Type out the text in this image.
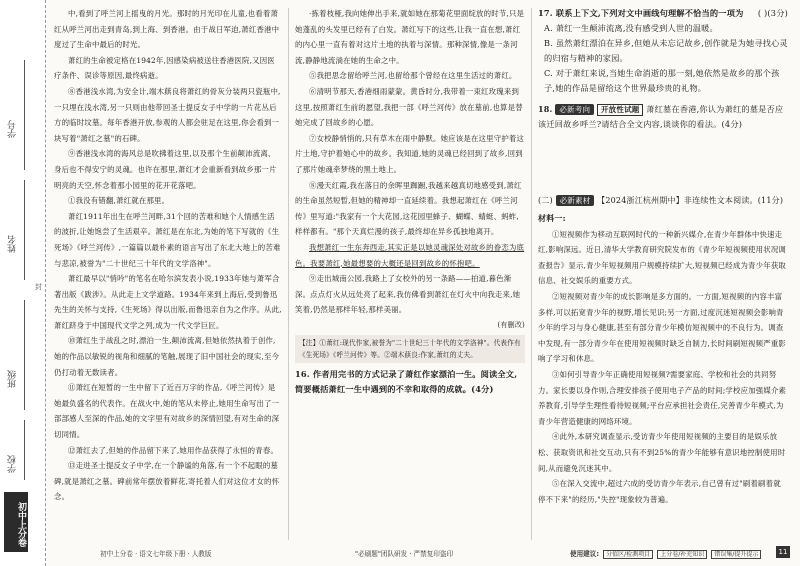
学号
姓名
封
班级
学校
初中上分卷

中,看到了呼兰河上摇曳的月光。那时的月光印在儿童,也看着萧红从呼兰河出走到青岛,到上海、到香港。由于战日军迫,萧红香港中度过了生命中最后的时光。

萧红的生命被定格在1942年,因感染病被送往香港医院,又因医疗条件、误诊等原因,最终病逝。

⑧香港浅水湾,为安全计,端木蕻良将萧红的骨灰分装两只瓷瓶中,一只埋在浅水湾,另一只则由他带回圣士提反女子中学的一片花丛后方的临时坟墓。每年香港开放,参观的人都会驻足在这里,你会看到一块写着"萧红之墓"的石碑。

⑨香港浅水湾的海风总是吹拂着这里,以及那个生前颠沛流离、身后也不得安宁的灵魂。也许在那里,萧红才会重新看到故乡那一片明亮的天空,怀念着那小园里的花开花落吧。

①我没有错翻,萧红就在那里。

萧红1911年出生在呼兰河畔,31个回的苦难和她个人情感生活的波折,让她饱尝了生活艰辛。萧红是在东北,为她的笔下写就的《生死场》《呼兰河传》,一篇篇以最朴素的语言写出了东北大地上的苦难与悲凉,被誉为"二十世纪三十年代的文学洛神"。

萧红最早以"悄吟"的笔名在哈尔滨发表小说,1933年她与萧军合著出版《跋涉》。从此走上文学道路。1934年来到上海后,受到鲁迅先生的关怀与支持,《生死场》得以出版,而鲁迅亲自为之作序。从此,萧红跻身于中国现代文学之列,成为一代文学巨匠。

⑩萧红生于战乱之时,漂泊一生,颠沛流离,但她依然执着于创作,她的作品以敏锐的视角和细腻的笔触,展现了旧中国社会的现实,至今仍打动着无数读者。

⑪萧红在短暂的一生中留下了近百万字的作品,《呼兰河传》是她最负盛名的代表作。在战火中,她的笔从未停止,她用生命写出了一部部感人至深的作品,她的文字里有对故乡的深情回望,有对生命的深切同情。

⑫萧红去了,但她的作品留下来了,她用作品获得了永恒的青春。

⑬走进圣士提反女子中学,在一个静谧的角落,有一个不起眼的墓碑,就是萧红之墓。碑前常年摆放着鲜花,寄托着人们对这位才女的怀念。

初中上分卷 · 语文七年级下册 · 人教版

·拣着枝桠,我向她伸出手来,就如她在那菊花里面绽放的时节,只是她蓬乱的头发里已经有了白发。萧红写下的这些,让我一直在想,萧红的内心里一直有着对这片土地的执着与深情。那种深情,像是一条河流,静静地流淌在她的生命之中。

⑤我把思念留给呼兰河,也留给那个曾经在这里生活过的萧红。

⑥清明节那天,香港细雨蒙蒙。黄昏时分,我带着一束红玫瑰来到这里,按照萧红生前的愿望,我把一部《呼兰河传》放在墓前,也算是替她完成了回故乡的心愿。

⑦女校静悄悄的,只有草木在雨中静默。她应该是在这里守护着这片土地,守护着她心中的故乡。我知道,她的灵魂已经回到了故乡,回到了那片她魂牵梦绕的黑土地上。

⑧漫天红霞,我在落日的余晖里踟蹰,我越来越真切地感受到,萧红的生命虽然短暂,但她的精神却一直延续着。我想起萧红在《呼兰河传》里写道:"我家有一个大花园,这花园里蜂子、蝴蝶、蜻蜓、蚂蚱,样样都有。"那个天真烂漫的孩子,最终却在异乡孤独地离开。

我想萧红一生东奔西走,其实正是以她灵魂深处对故乡的眷恋为底色。我要萧红,她最想要的大概还是回到故乡的怀抱吧。

⑨走出城南公园,我路上了女校外的另一条路——拍道,暮色渐深。点点灯火从远处亮了起来,我仿佛看到萧红在灯火中向我走来,她笑着,仍然是那样年轻,那样美丽。

(有删改)
【注】①萧红:现代作家,被誉为"二十世纪三十年代的文学洛神"。代表作有《生死场》《呼兰河传》等。②端木蕻良:作家,萧红的丈夫。
16. 作者用完书的方式记录了萧红作家漂泊一生。阅读全文,简要概括萧红一生中遇到的不幸和取得的成就。(4分)
"必刷题"团队研发 · 严禁复印盗印
17. 联系上下文,下列对文中画线句理解不恰当的一项为 ( )(3分)
A. 萧红一生颠沛流离,没有感受到人世的温暖。
B. 虽然萧红漂泊在异乡,但她从未忘记故乡,创作就是为她寻找心灵的归宿与精神的家园。
C. 对于萧红来说,当她生命消逝的那一刻,她依然是故乡的那个孩子,她的作品是留给这个世界最珍贵的礼物。
18. 必新考向 开放性试题 萧红墓在香港,你认为萧红的墓是否应该迁回故乡呼兰?请结合全文内容,谈谈你的看法。(4分)
(二) 必新素材 【2024浙江杭州期中】非连续性文本阅读。(11分)
材料一:

①短视频作为移动互联网时代的一种新兴媒介,在青少年群体中快速走红,影响深远。近日,清华大学教育研究院发布的《青少年短视频使用状况调查报告》显示,青少年短视频用户规模持续扩大,短视频已经成为青少年获取信息、社交娱乐的重要方式。

②短视频对青少年的成长影响是多方面的。一方面,短视频的内容丰富多样,可以拓宽青少年的视野,增长见识;另一方面,过度沉迷短视频会影响青少年的学习与身心健康,甚至有部分青少年模仿短视频中的不良行为。调查中发现,有一部分青少年在使用短视频时缺乏自制力,长时间刷短视频严重影响了学习和休息。

③如何引导青少年正确使用短视频?需要家庭、学校和社会的共同努力。家长要以身作则,合理安排孩子使用电子产品的时间;学校应加强媒介素养教育,引导学生理性看待短视频;平台应承担社会责任,完善青少年模式,为青少年营造健康的网络环境。

④此外,本研究调查显示,受访青少年使用短视频的主要目的是娱乐放松、获取资讯和社交互动,只有不到25%的青少年能够有意识地控制使用时间,从而避免沉迷其中。

⑤在深入交流中,超过六成的受访青少年表示,自己曾有过"刷着刷着就停不下来"的经历,"失控"现象较为普遍。

使用建议: 分值区/检测项目 上分卷/补充知识 错误集/提升提示	11
